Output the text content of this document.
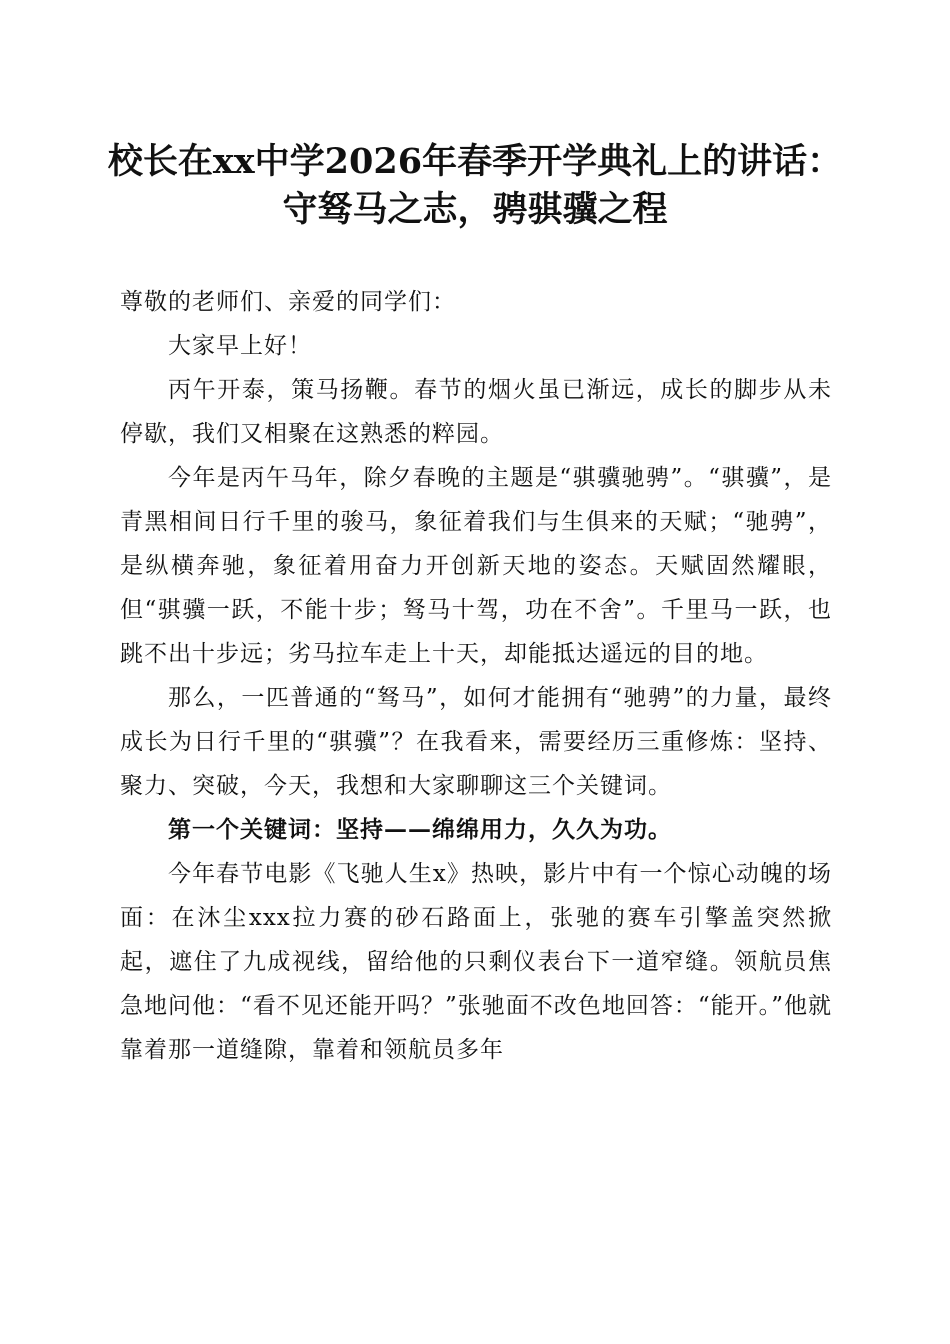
校长在xx中学2026年春季开学典礼上的讲话：
守驽马之志，骋骐骥之程

尊敬的老师们、亲爱的同学们：

大家早上好！

丙午开泰，策马扬鞭。春节的烟火虽已渐远，成长的脚步从未停歇，我们又相聚在这熟悉的粹园。

今年是丙午马年，除夕春晚的主题是“骐骥驰骋”。“骐骥”，是青黑相间日行千里的骏马，象征着我们与生俱来的天赋；“驰骋”，是纵横奔驰，象征着用奋力开创新天地的姿态。天赋固然耀眼，但“骐骥一跃，不能十步；驽马十驾，功在不舍”。千里马一跃，也跳不出十步远；劣马拉车走上十天，却能抵达遥远的目的地。

那么，一匹普通的“驽马”，如何才能拥有“驰骋”的力量，最终成长为日行千里的“骐骥”？在我看来，需要经历三重修炼：坚持、聚力、突破，今天，我想和大家聊聊这三个关键词。

第一个关键词：坚持——绵绵用力，久久为功。

今年春节电影《飞驰人生x》热映，影片中有一个惊心动魄的场面：在沐尘xxx拉力赛的砂石路面上，张驰的赛车引擎盖突然掀起，遮住了九成视线，留给他的只剩仪表台下一道窄缝。领航员焦急地问他：“看不见还能开吗？”张驰面不改色地回答：“能开。”他就靠着那一道缝隙，靠着和领航员多年
